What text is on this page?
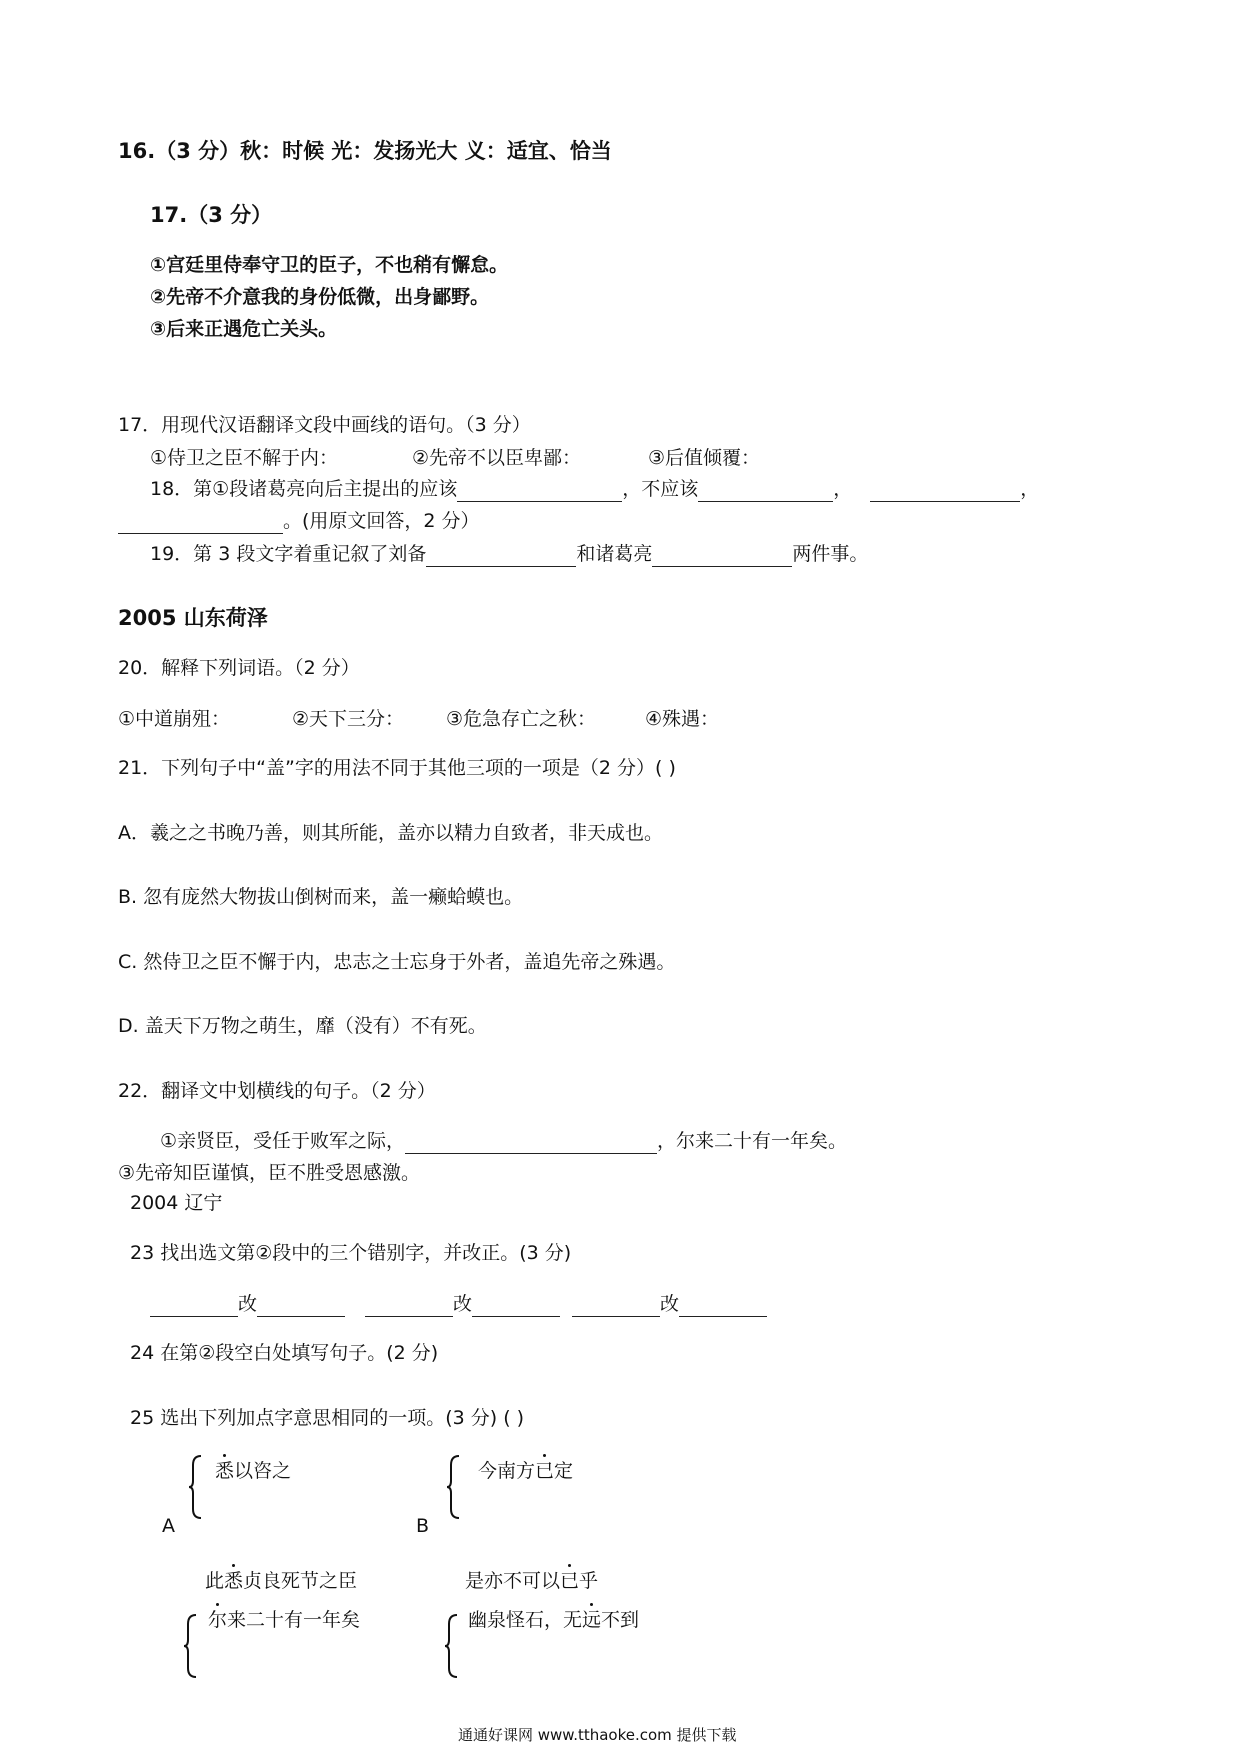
16.（3 分）秋：时候 光：发扬光大 义：适宜、恰当
17.（3 分）
①宫廷里侍奉守卫的臣子，不也稍有懈怠。
②先帝不介意我的身份低微，出身鄙野。
③后来正遇危亡关头。
17．用现代汉语翻译文段中画线的语句。（3 分）
①侍卫之臣不解于内：	②先帝不以臣卑鄙：	③后值倾覆：
18．第①段诸葛亮向后主提出的应该	，不应该	，	，
。(用原文回答，2 分）
19．第 3 段文字着重记叙了刘备	和诸葛亮	两件事。
2005 山东荷泽
20．解释下列词语。（2 分）
①中道崩殂：	②天下三分： ③危急存亡之秋：	④殊遇：
21．下列句子中“盖”字的用法不同于其他三项的一项是（2 分）( )
A．羲之之书晚乃善，则其所能，盖亦以精力自致者，非天成也。
B. 忽有庞然大物拔山倒树而来，盖一癞蛤蟆也。
C. 然侍卫之臣不懈于内，忠志之士忘身于外者，盖追先帝之殊遇。
D. 盖天下万物之萌生，靡（没有）不有死。
22．翻译文中划横线的句子。（2 分）
①亲贤臣，受任于败军之际，	，尔来二十有一年矣。
③先帝知臣谨慎，臣不胜受恩感激。
2004 辽宁
23 找出选文第②段中的三个错别字，并改正。(3 分)
改	改	改
24 在第②段空白处填写句子。(2 分)
25 选出下列加点字意思相同的一项。(3 分) ( )
悉以咨之
A
此悉贞良死节之臣
今南方已定
B
是亦不可以已乎
尔来二十有一年矣	幽泉怪石，无远不到
通通好课网 www.tthaoke.com 提供下载
